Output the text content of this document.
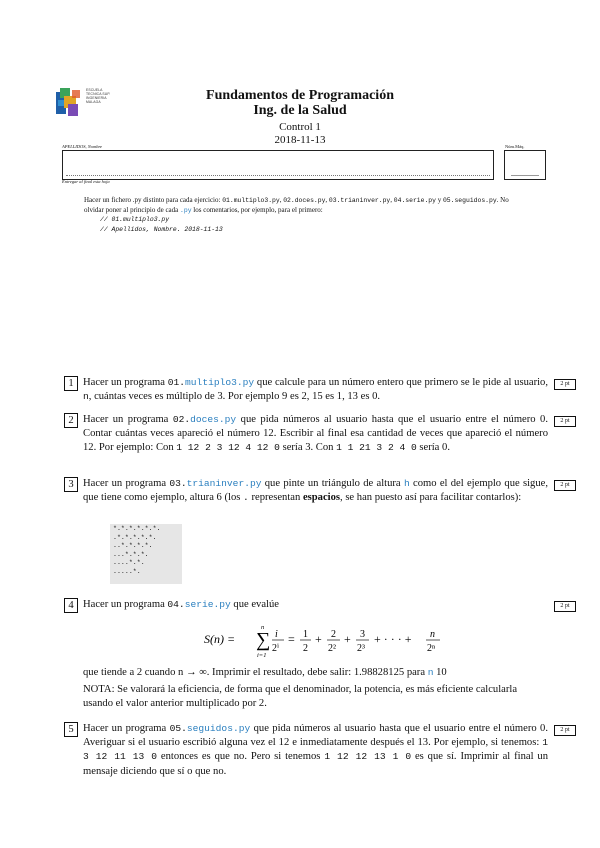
ESCUELA
TECNICA SUP.
INGENIERIA
MALAGA	Fundamentos de Programación
Ing. de la Salud
Control 1
2018-11-13
APELLIDOS, Nombre	Núm.Máq.
Entregar al final esta hoja
Hacer un fichero .py distinto para cada ejercicio: 01.multiplo3.py, 02.doces.py, 03.trianinver.py, 04.serie.py y 05.seguidos.py. No olvidar poner al principio de cada .py los comentarios, por ejemplo, para el primero:
// 01.multiplo3.py
// Apellidos, Nombre. 2018-11-13
1 Hacer un programa 01.multiplo3.py que calcule para un número entero que primero se le pide al usuario, n, cuántas veces es múltiplo de 3. Por ejemplo 9 es 2, 15 es 1, 13 es 0.
2 pt
2 Hacer un programa 02.doces.py que pida números al usuario hasta que el usuario entre el número 0. Contar cuántas veces apareció el número 12. Escribir al final esa cantidad de veces que apareció el número 12. Por ejemplo: Con 1 12 2 3 12 4 12 0 sería 3. Con 1 1 21 3 2 4 0 sería 0.
2 pt
3 Hacer un programa 03.trianinver.py que pinte un triángulo de altura h como el del ejemplo que sigue, que tiene como ejemplo, altura 6 (los . representan espacios, se han puesto así para facilitar contarlos):
2 pt
*.*.*.*.*.*.
.*.*.*.*.*.
..*.*.*.*.
...*.*.*.
....*.*.
.....*.
4 Hacer un programa 04.serie.py que evalúe	2 pt
S(n) = ∑
n
i=1
i
2ⁱ
= 1
2
+ 2
2²
+ 3
2³
+ · · · + n
2ⁿ
que tiende a 2 cuando n → ∞. Imprimir el resultado, debe salir: 1.98828125 para n 10
NOTA: Se valorará la eficiencia, de forma que el denominador, la potencia, es más eficiente calcularla usando el valor anterior multiplicado por 2.
5 Hacer un programa 05.seguidos.py que pida números al usuario hasta que el usuario entre el número 0. Averiguar si el usuario escribió alguna vez el 12 e inmediatamente después el 13. Por ejemplo, si tenemos: 1 3 12 11 13 0 entonces es que no. Pero si tenemos 1 12 12 13 1 0 es que sí. Imprimir al final un mensaje diciendo que sí o que no.
2 pt
